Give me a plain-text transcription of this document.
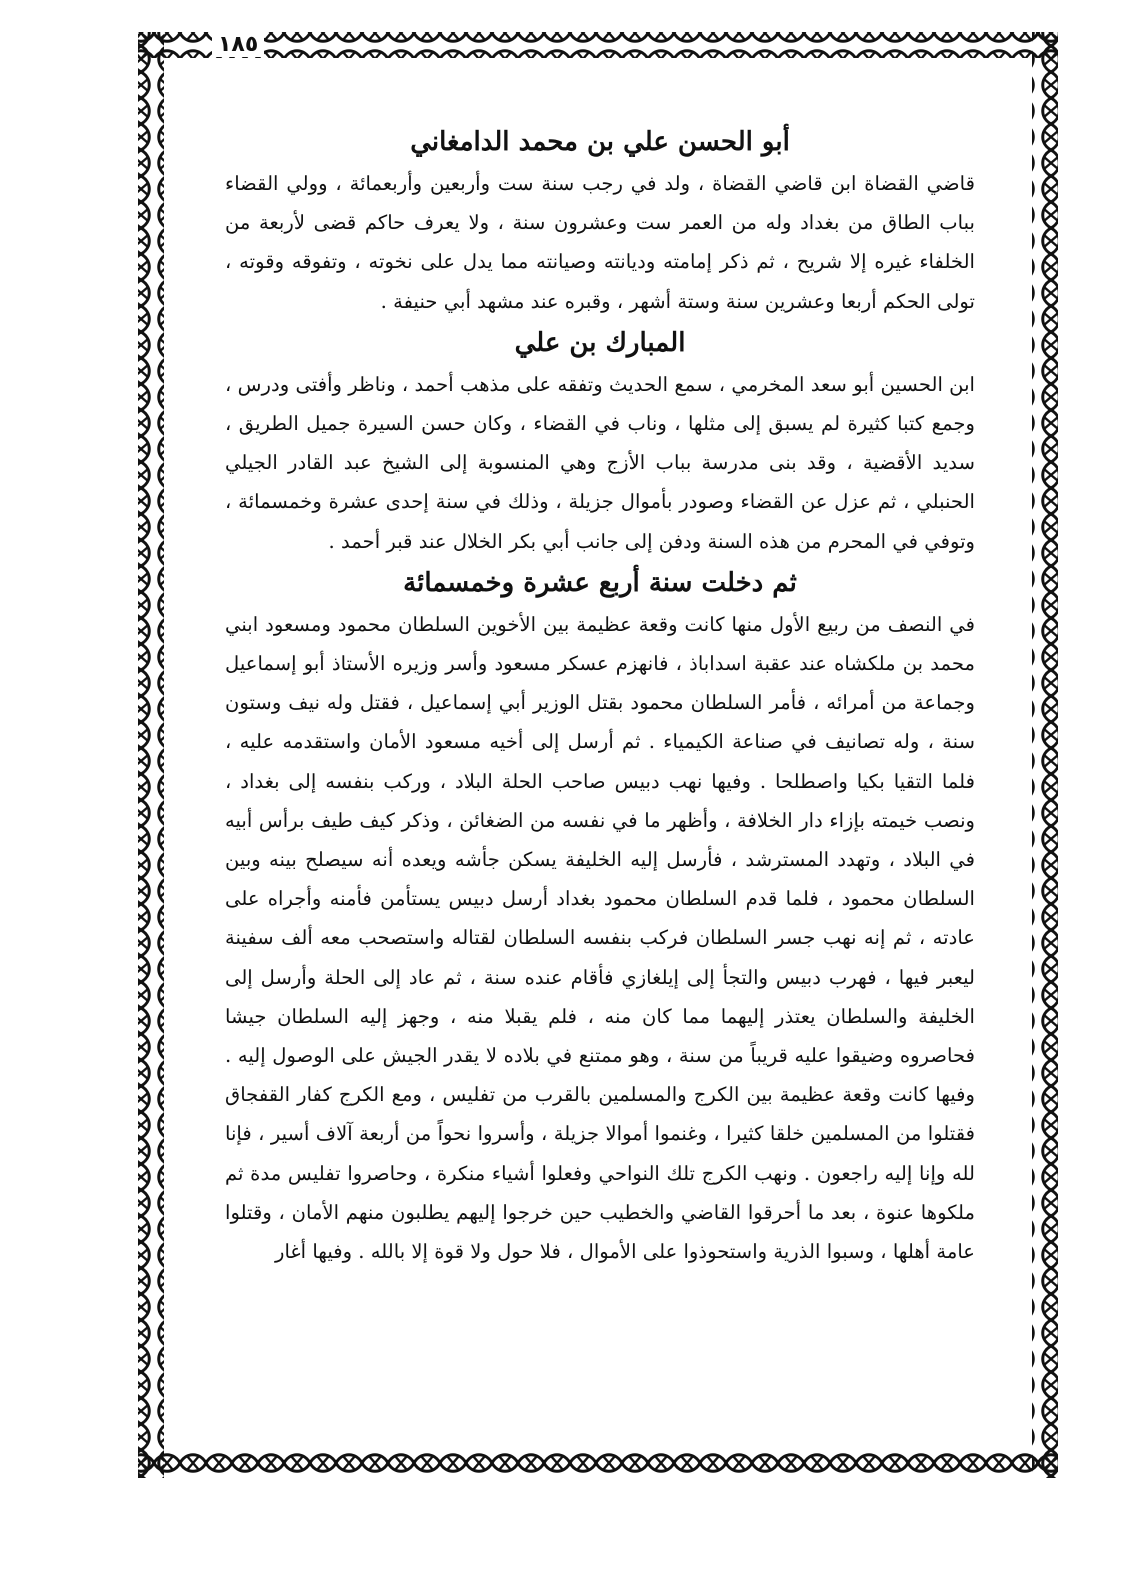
١٨٥
أبو الحسن علي بن محمد الدامغاني

قاضي القضاة ابن قاضي القضاة ، ولد في رجب سنة ست وأربعين وأربعمائة ، وولي القضاء بباب الطاق من بغداد وله من العمر ست وعشرون سنة ، ولا يعرف حاكم قضى لأربعة من الخلفاء غيره إلا شريح ، ثم ذكر إمامته وديانته وصيانته مما يدل على نخوته ، وتفوقه وقوته ، تولى الحكم أربعا وعشرين سنة وستة أشهر ، وقبره عند مشهد أبي حنيفة .

المبارك بن علي

ابن الحسين أبو سعد المخرمي ، سمع الحديث وتفقه على مذهب أحمد ، وناظر وأفتى ودرس ، وجمع كتبا كثيرة لم يسبق إلى مثلها ، وناب في القضاء ، وكان حسن السيرة جميل الطريق ، سديد الأقضية ، وقد بنى مدرسة بباب الأزج وهي المنسوبة إلى الشيخ عبد القادر الجيلي الحنبلي ، ثم عزل عن القضاء وصودر بأموال جزيلة ، وذلك في سنة إحدى عشرة وخمسمائة ، وتوفي في المحرم من هذه السنة ودفن إلى جانب أبي بكر الخلال عند قبر أحمد .

ثم دخلت سنة أربع عشرة وخمسمائة

في النصف من ربيع الأول منها كانت وقعة عظيمة بين الأخوين السلطان محمود ومسعود ابني محمد بن ملكشاه عند عقبة اسداباذ ، فانهزم عسكر مسعود وأسر وزيره الأستاذ أبو إسماعيل وجماعة من أمرائه ، فأمر السلطان محمود بقتل الوزير أبي إسماعيل ، فقتل وله نيف وستون سنة ، وله تصانيف في صناعة الكيمياء . ثم أرسل إلى أخيه مسعود الأمان واستقدمه عليه ، فلما التقيا بكيا واصطلحا . وفيها نهب دبيس صاحب الحلة البلاد ، وركب بنفسه إلى بغداد ، ونصب خيمته بإزاء دار الخلافة ، وأظهر ما في نفسه من الضغائن ، وذكر كيف طيف برأس أبيه في البلاد ، وتهدد المسترشد ، فأرسل إليه الخليفة يسكن جأشه ويعده أنه سيصلح بينه وبين السلطان محمود ، فلما قدم السلطان محمود بغداد أرسل دبيس يستأمن فأمنه وأجراه على عادته ، ثم إنه نهب جسر السلطان فركب بنفسه السلطان لقتاله واستصحب معه ألف سفينة ليعبر فيها ، فهرب دبيس والتجأ إلى إيلغازي فأقام عنده سنة ، ثم عاد إلى الحلة وأرسل إلى الخليفة والسلطان يعتذر إليهما مما كان منه ، فلم يقبلا منه ، وجهز إليه السلطان جيشا فحاصروه وضيقوا عليه قريباً من سنة ، وهو ممتنع في بلاده لا يقدر الجيش على الوصول إليه . وفيها كانت وقعة عظيمة بين الكرج والمسلمين بالقرب من تفليس ، ومع الكرج كفار القفجاق فقتلوا من المسلمين خلقا كثيرا ، وغنموا أموالا جزيلة ، وأسروا نحواً من أربعة آلاف أسير ، فإنا لله وإنا إليه راجعون . ونهب الكرج تلك النواحي وفعلوا أشياء منكرة ، وحاصروا تفليس مدة ثم ملكوها عنوة ، بعد ما أحرقوا القاضي والخطيب حين خرجوا إليهم يطلبون منهم الأمان ، وقتلوا عامة أهلها ، وسبوا الذرية واستحوذوا على الأموال ، فلا حول ولا قوة إلا بالله . وفيها أغار
